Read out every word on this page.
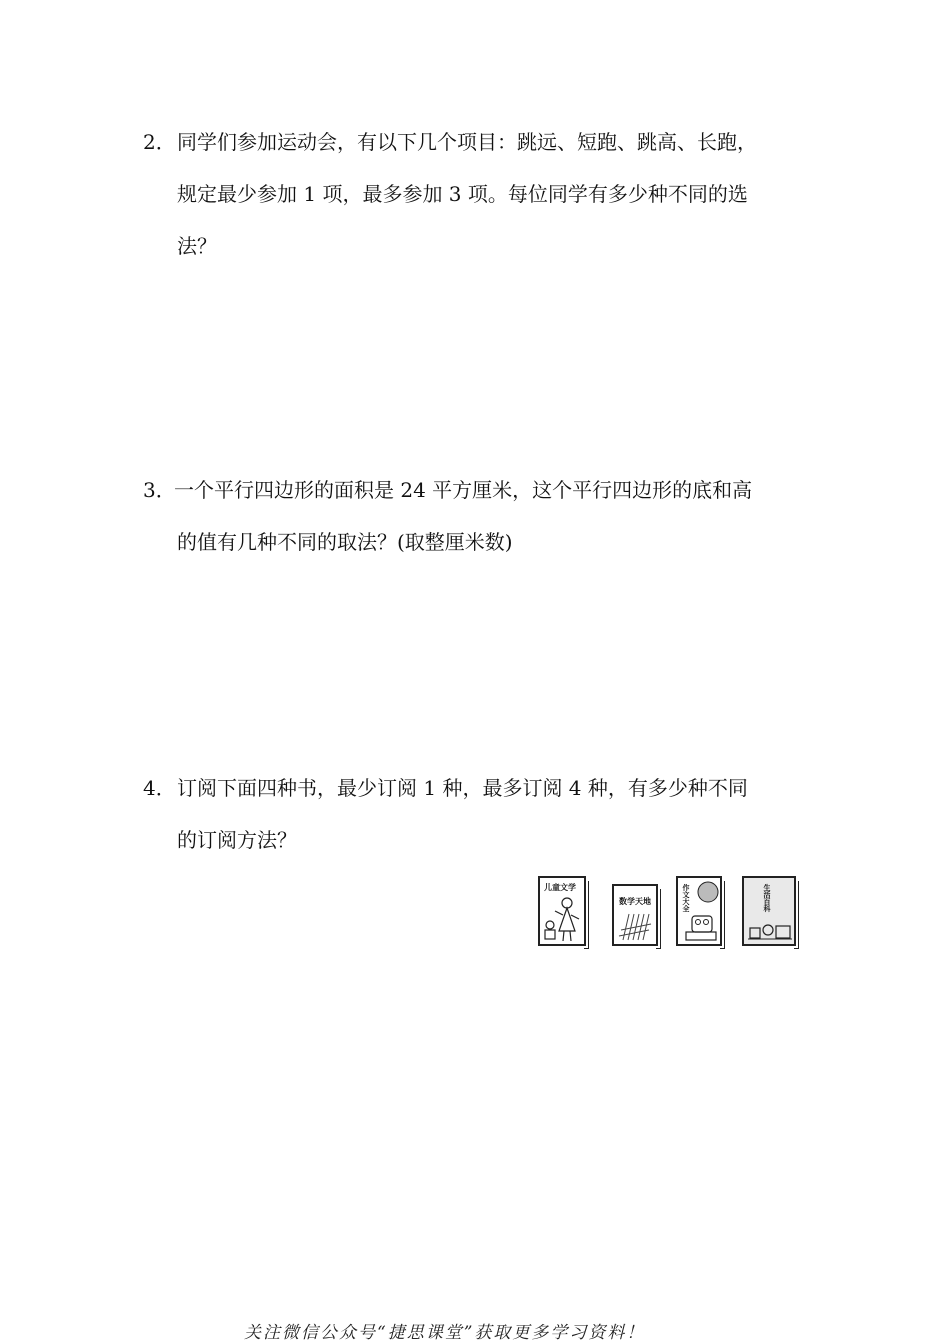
2． 同学们参加运动会，有以下几个项目：跳远、短跑、跳高、长跑，
规定最少参加 1 项，最多参加 3 项。每位同学有多少种不同的选
法？
3．
一个平行四边形的面积是 24 平方厘米，这个平行四边形的底和高
的值有几种不同的取法？(取整厘米数)
4． 订阅下面四种书，最少订阅 1 种，最多订阅 4 种，有多少种不同
的订阅方法？
儿童文学
数学天地	作文大全	生活百科
关注微信公众号“捷思课堂”获取更多学习资料！
